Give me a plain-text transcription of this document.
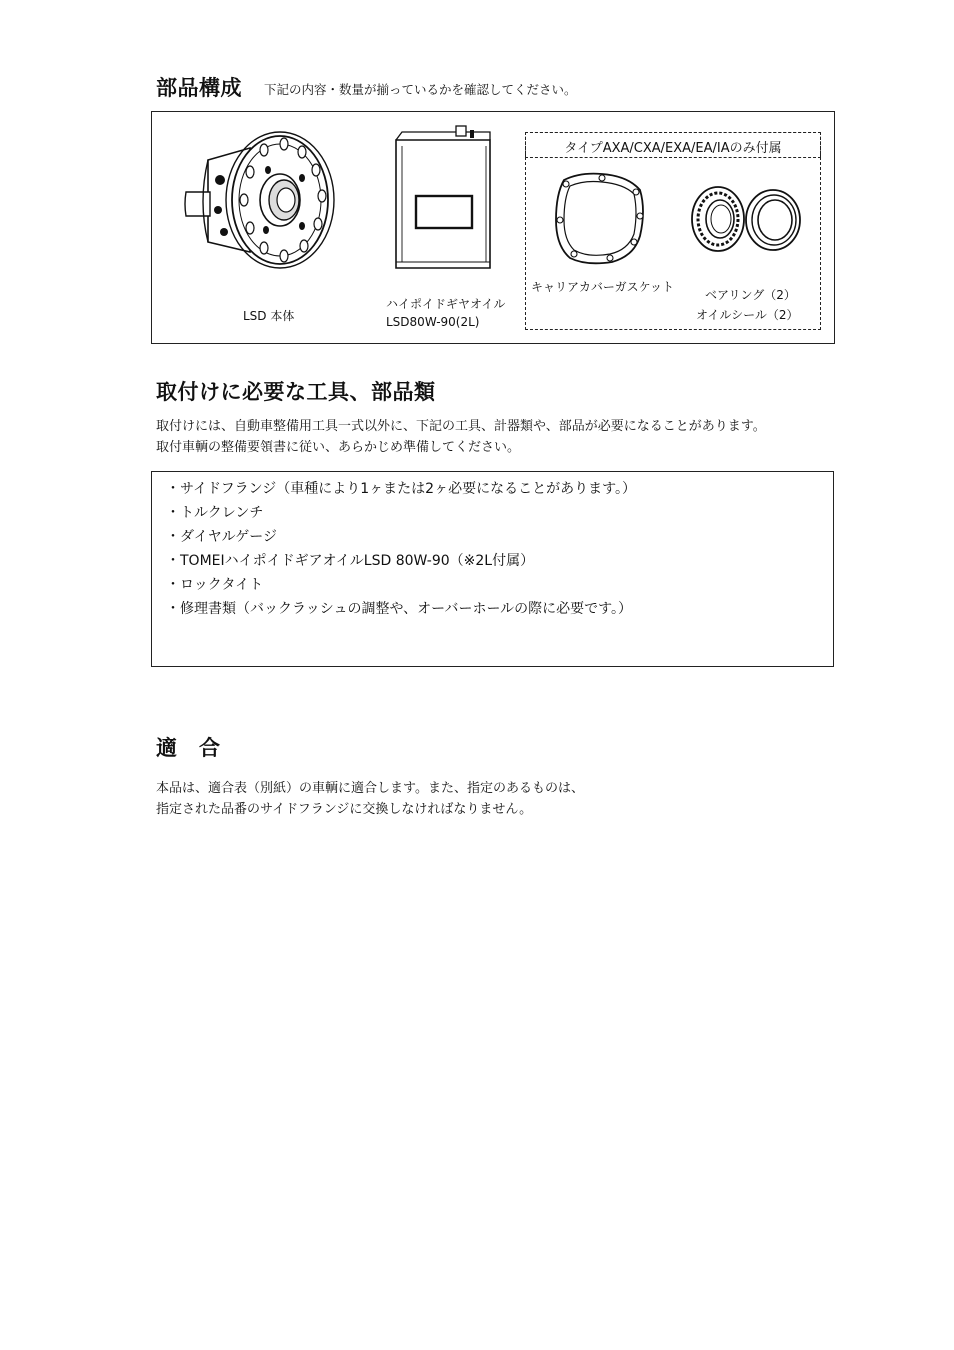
部品構成 下記の内容・数量が揃っているかを確認してください。
LSD 本体
ハイポイドギヤオイル
LSD80W-90(2L)
タイプAXA/CXA/EXA/EA/IAのみ付属
キャリアカバーガスケット
ベアリング（2）
オイルシール（2）
取付けに必要な工具、部品類
取付けには、自動車整備用工具一式以外に、下記の工具、計器類や、部品が必要になることがあります。
取付車輌の整備要領書に従い、あらかじめ準備してください。
・サイドフランジ（車種により1ヶまたは2ヶ必要になることがあります。）
・トルクレンチ
・ダイヤルゲージ
・TOMEIハイポイドギアオイルLSD 80W-90（※2L付属）
・ロックタイト
・修理書類（バックラッシュの調整や、オーバーホールの際に必要です。）
適　合
本品は、適合表（別紙）の車輌に適合します。また、指定のあるものは、
指定された品番のサイドフランジに交換しなければなりません。
